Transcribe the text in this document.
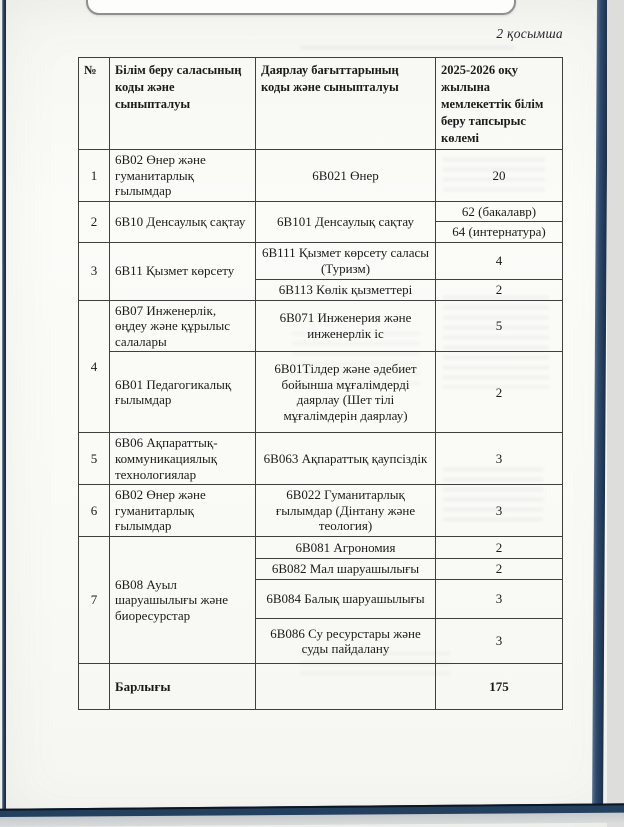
2 қосымша
№	Білім беру саласының коды және сыныпталуы	Даярлау бағыттарының коды және сыныпталуы	2025-2026 оқу жылына мемлекеттік білім беру тапсырыс көлемі
1	6B02 Өнер және гуманитарлық ғылымдар	6B021 Өнер	20
2	6B10 Денсаулық сақтау	6B101 Денсаулық сақтау	62 (бакалавр)
			64 (интернатура)
3	6B11 Қызмет көрсету	6B111 Қызмет көрсету саласы (Туризм)	4
		6B113 Көлік қызметтері	2
4	6B07 Инженерлік, өңдеу және құрылыс салалары	6B071 Инженерия және инженерлік іс	5
	6B01 Педагогикалық ғылымдар	6B01Тілдер және әдебиет бойынша мұғалімдерді даярлау (Шет тілі мұғалімдерін даярлау)	2
5	6B06 Ақпараттық-коммуникациялық технологиялар	6B063 Ақпараттық қаупсіздік	3
6	6B02 Өнер және гуманитарлық ғылымдар	6B022 Гуманитарлық ғылымдар (Дінтану және теология)	3
7	6B08 Ауыл шаруашылығы және биоресурстар	6B081 Агрономия	2
		6B082 Мал шаруашылығы	2
		6B084 Балық шаруашылығы	3
		6B086 Су ресурстары және суды пайдалану	3
	Барлығы		175
